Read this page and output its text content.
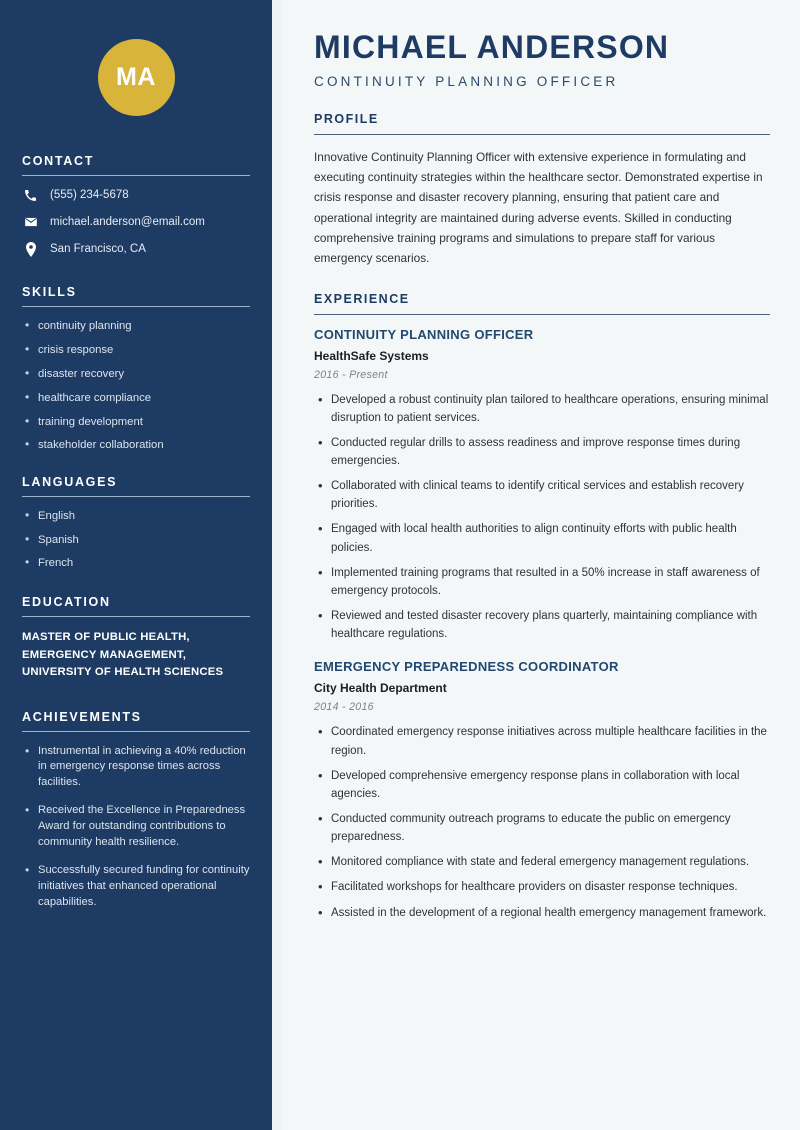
MA
CONTACT
(555) 234-5678
michael.anderson@email.com
San Francisco, CA
SKILLS
• continuity planning
• crisis response
• disaster recovery
• healthcare compliance
• training development
• stakeholder collaboration
LANGUAGES
• English
• Spanish
• French
EDUCATION
MASTER OF PUBLIC HEALTH,
EMERGENCY MANAGEMENT,
UNIVERSITY OF HEALTH SCIENCES
ACHIEVEMENTS
• Instrumental in achieving a 40% reduction in emergency response times across facilities.
• Received the Excellence in Preparedness Award for outstanding contributions to community health resilience.
• Successfully secured funding for continuity initiatives that enhanced operational capabilities.
MICHAEL ANDERSON
CONTINUITY PLANNING OFFICER
PROFILE

Innovative Continuity Planning Officer with extensive experience in formulating and executing continuity strategies within the healthcare sector. Demonstrated expertise in crisis response and disaster recovery planning, ensuring that patient care and operational integrity are maintained during adverse events. Skilled in conducting comprehensive training programs and simulations to prepare staff for various emergency scenarios.

EXPERIENCE
CONTINUITY PLANNING OFFICER
HealthSafe Systems
2016 - Present
• Developed a robust continuity plan tailored to healthcare operations, ensuring minimal disruption to patient services.
• Conducted regular drills to assess readiness and improve response times during emergencies.
• Collaborated with clinical teams to identify critical services and establish recovery priorities.
• Engaged with local health authorities to align continuity efforts with public health policies.
• Implemented training programs that resulted in a 50% increase in staff awareness of emergency protocols.
• Reviewed and tested disaster recovery plans quarterly, maintaining compliance with healthcare regulations.
EMERGENCY PREPAREDNESS COORDINATOR
City Health Department
2014 - 2016
• Coordinated emergency response initiatives across multiple healthcare facilities in the region.
• Developed comprehensive emergency response plans in collaboration with local agencies.
• Conducted community outreach programs to educate the public on emergency preparedness.
• Monitored compliance with state and federal emergency management regulations.
• Facilitated workshops for healthcare providers on disaster response techniques.
• Assisted in the development of a regional health emergency management framework.
